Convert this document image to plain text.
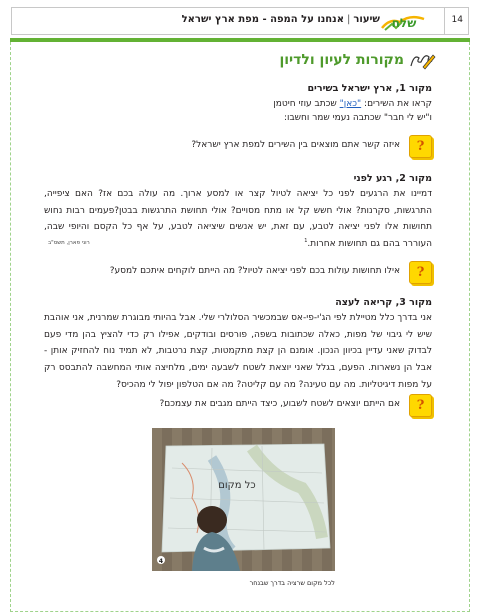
שיעור|אנחנו על המפה - מפת ארץ ישראל	שלח	14
מקורות לעיון ולדיון
מקור 1, ארץ ישראל בשירים
קראו את השירים: "כאן" שכתב עוזי חיטמן
ו"יש לי חבר" שכתבה נעמי שמר וחשבו:
?
איזה קשר אתם מוצאים בין השירים למפת ארץ ישראל?
מקור 2, רגע לפני
דמיינו את הרגעים לפני כל יציאה לטיול קצר או למסע ארוך. מה עולה בכם אז? האם ציפייה, התרגשות, סקרנות? אולי חשש קל או מתח מסויים? אולי תחושת התרגשות בבטן?פעמים רבות נחוש תחושות אלו לפני יציאה לטבע, עם זאת, יש אנשים שיציאה לטבע, על אף כל הקסם והיופי שבה, העוררר בהם גם תחושות אחרות.$^1$
רוני פארן, תשס"ב
?
אילו תחושות עולות בכם לפני יציאה לטיול? מה הייתם לוקחים איתכם למסע?
מקור 3, קריאה לעצה
אני בדרך כלל מטיילת לפי הג'י-פי-אס שבמכשיר הסלולרי שלי. אבל בהיותי מבוגרת שמרנית, אני אוהבת שיש לי גיבוי של מפות, כאלה שכתובות בשפה, פורסים ובודקים, אפילו רק כדי להציץ בהן מדי פעם לבדוק שאני עדיין בכיוון הנכון. אומנם הן קצת מתקמטות, קצת נרטבות, לא תמיד נוח להחזיק אותן - אבל הן נשארות. הפעם, בגלל שאני יוצאת לשטח לשבעה ימים, מלחיצה אותי המחשבה להתבסס רק על מפות דיגיטליות. מה עם טעינה? מה עם קליטה? מה אם הטלפון יפול לי מהכיס?
?
אם הייתם יוצאים לשטח לשבוע, כיצד הייתם מגבים את עצמכם?
כל מקום
4
לכל מקום שרציה בדרך שבנחר
